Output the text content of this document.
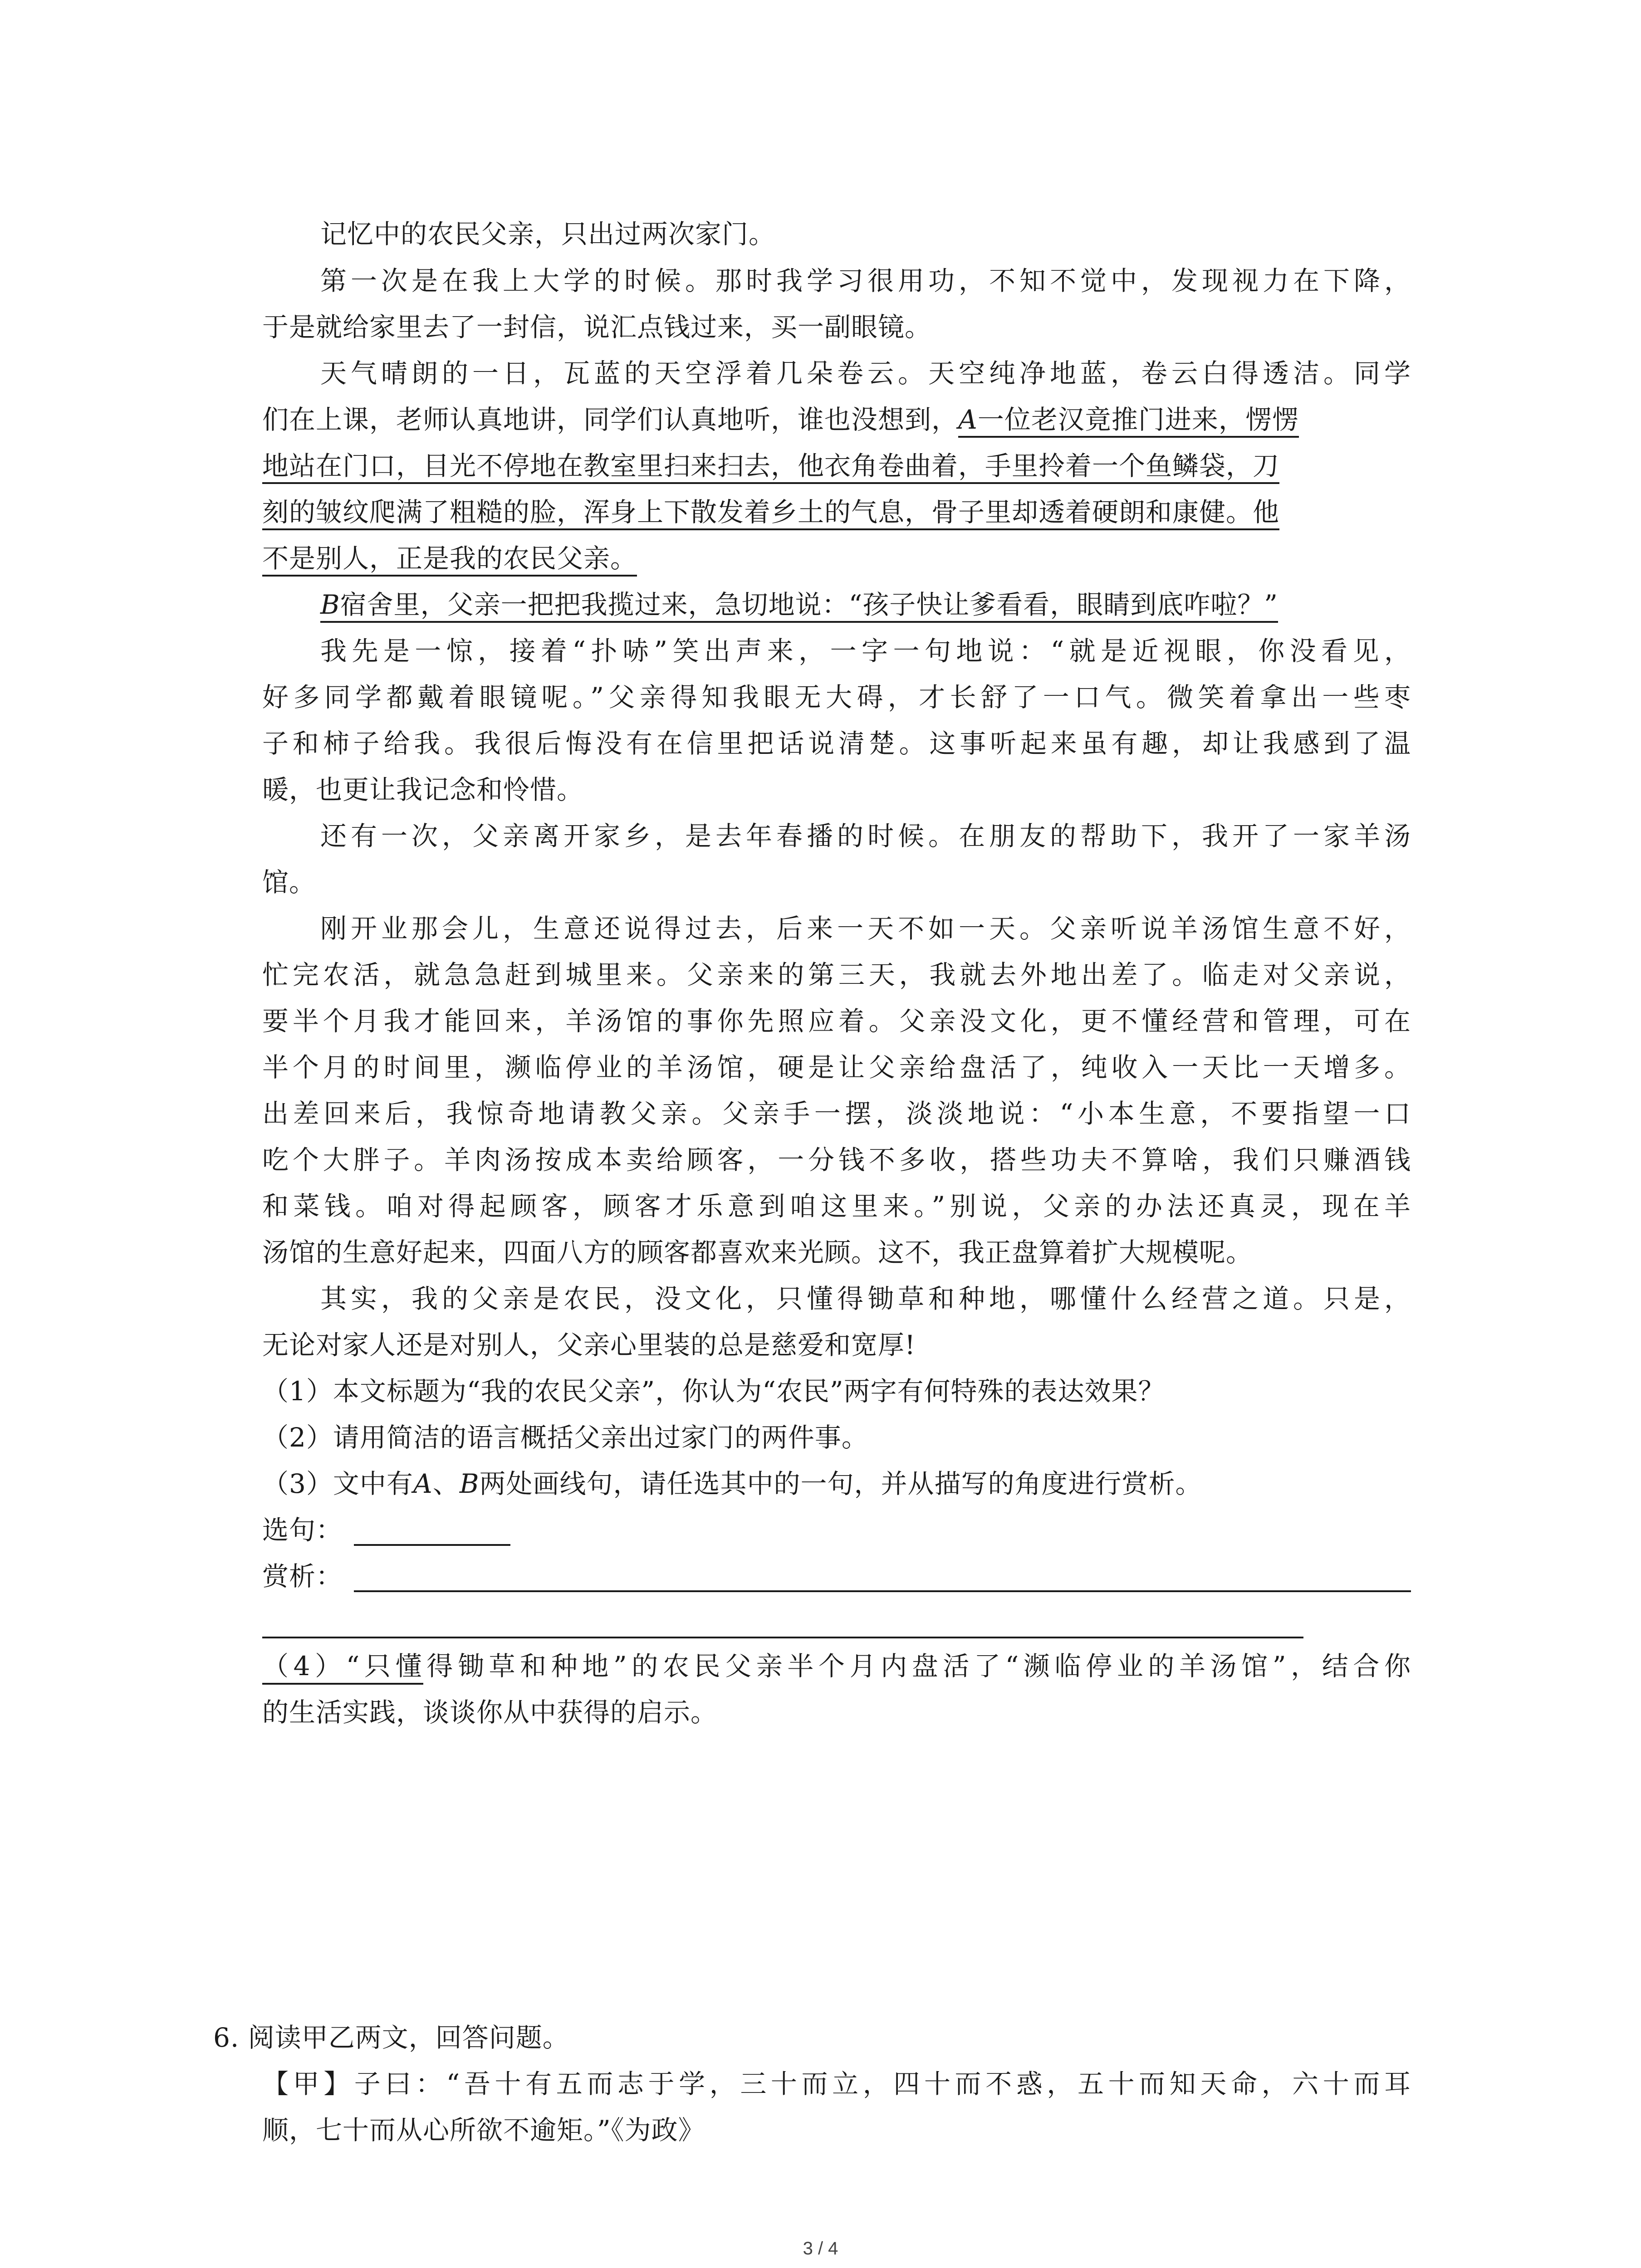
记忆中的农民父亲，只出过两次家门。
第一次是在我上大学的时候。那时我学习很用功，不知不觉中，发现视力在下降，
于是就给家里去了一封信，说汇点钱过来，买一副眼镜。
天气晴朗的一日，瓦蓝的天空浮着几朵卷云。天空纯净地蓝，卷云白得透洁。同学
们在上课，老师认真地讲，同学们认真地听，谁也没想到，A一位老汉竟推门进来，愣愣
地站在门口，目光不停地在教室里扫来扫去，他衣角卷曲着，手里拎着一个鱼鳞袋，刀
刻的皱纹爬满了粗糙的脸，浑身上下散发着乡土的气息，骨子里却透着硬朗和康健。他
不是别人，正是我的农民父亲。
B宿舍里，父亲一把把我揽过来，急切地说：“孩子快让爹看看，眼睛到底咋啦？”
我先是一惊，接着“扑哧”笑出声来，一字一句地说：“就是近视眼，你没看见，
好多同学都戴着眼镜呢。”父亲得知我眼无大碍，才长舒了一口气。微笑着拿出一些枣
子和柿子给我。我很后悔没有在信里把话说清楚。这事听起来虽有趣，却让我感到了温
暖，也更让我记念和怜惜。
还有一次，父亲离开家乡，是去年春播的时候。在朋友的帮助下，我开了一家羊汤
馆。
刚开业那会儿，生意还说得过去，后来一天不如一天。父亲听说羊汤馆生意不好，
忙完农活，就急急赶到城里来。父亲来的第三天，我就去外地出差了。临走对父亲说，
要半个月我才能回来，羊汤馆的事你先照应着。父亲没文化，更不懂经营和管理，可在
半个月的时间里，濒临停业的羊汤馆，硬是让父亲给盘活了，纯收入一天比一天增多。
出差回来后，我惊奇地请教父亲。父亲手一摆，淡淡地说：“小本生意，不要指望一口
吃个大胖子。羊肉汤按成本卖给顾客，一分钱不多收，搭些功夫不算啥，我们只赚酒钱
和菜钱。咱对得起顾客，顾客才乐意到咱这里来。”别说，父亲的办法还真灵，现在羊
汤馆的生意好起来，四面八方的顾客都喜欢来光顾。这不，我正盘算着扩大规模呢。
其实，我的父亲是农民，没文化，只懂得锄草和种地，哪懂什么经营之道。只是，
无论对家人还是对别人，父亲心里装的总是慈爱和宽厚!
（1）本文标题为“我的农民父亲”，你认为“农民”两字有何特殊的表达效果？
（2）请用简洁的语言概括父亲出过家门的两件事。
（3）文中有A、B两处画线句，请任选其中的一句，并从描写的角度进行赏析。
选句：
赏析：
（4）“只懂得锄草和种地”的农民父亲半个月内盘活了“濒临停业的羊汤馆”，结合你
的生活实践，谈谈你从中获得的启示。
6. 阅读甲乙两文，回答问题。
【甲】子曰：“吾十有五而志于学，三十而立，四十而不惑，五十而知天命，六十而耳
顺，七十而从心所欲不逾矩。”《为政》
3 / 4
